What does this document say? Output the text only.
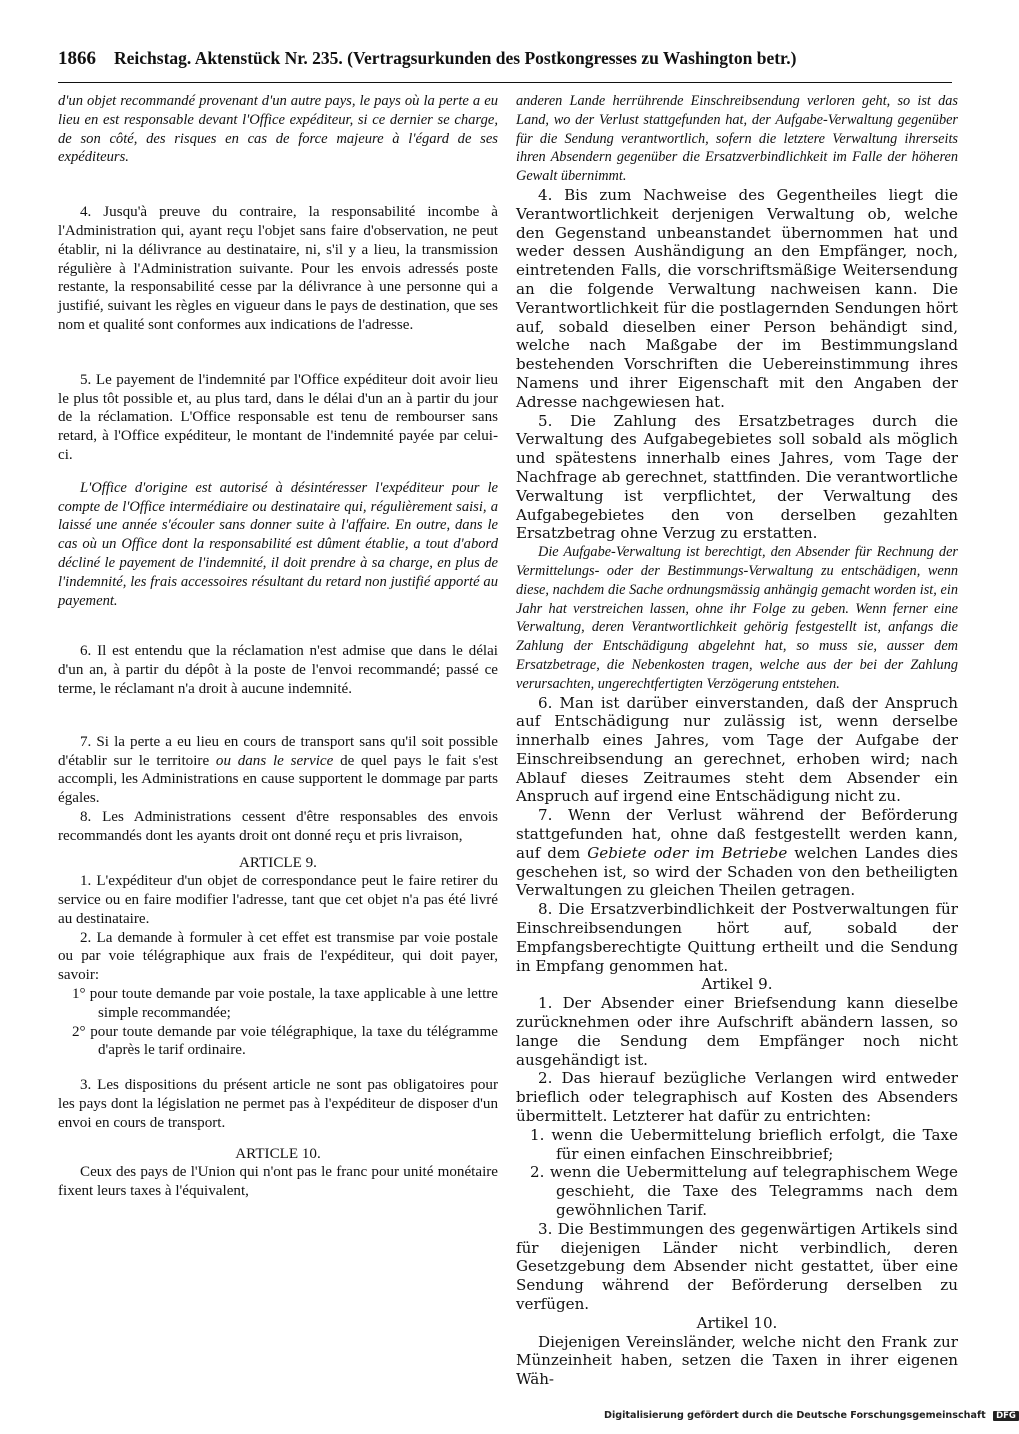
1866 Reichstag. Aktenstück Nr. 235. (Vertragsurkunden des Postkongresses zu Washington betr.)

d'un objet recommandé provenant d'un autre pays, le pays où la perte a eu lieu en est responsable devant l'Office expéditeur, si ce dernier se charge, de son côté, des risques en cas de force majeure à l'égard de ses expéditeurs.

4. Jusqu'à preuve du contraire, la responsabilité incombe à l'Administration qui, ayant reçu l'objet sans faire d'observation, ne peut établir, ni la délivrance au destinataire, ni, s'il y a lieu, la transmission régulière à l'Administration suivante. Pour les envois adressés poste restante, la responsabilité cesse par la délivrance à une personne qui a justifié, suivant les règles en vigueur dans le pays de destination, que ses nom et qualité sont conformes aux indications de l'adresse.

5. Le payement de l'indemnité par l'Office expéditeur doit avoir lieu le plus tôt possible et, au plus tard, dans le délai d'un an à partir du jour de la réclamation. L'Office responsable est tenu de rembourser sans retard, à l'Office expéditeur, le montant de l'indemnité payée par celui-ci.

L'Office d'origine est autorisé à désintéresser l'expéditeur pour le compte de l'Office intermédiaire ou destinataire qui, régulièrement saisi, a laissé une année s'écouler sans donner suite à l'affaire. En outre, dans le cas où un Office dont la responsabilité est dûment établie, a tout d'abord décliné le payement de l'indemnité, il doit prendre à sa charge, en plus de l'indemnité, les frais accessoires résultant du retard non justifié apporté au payement.

6. Il est entendu que la réclamation n'est admise que dans le délai d'un an, à partir du dépôt à la poste de l'envoi recommandé; passé ce terme, le réclamant n'a droit à aucune indemnité.

7. Si la perte a eu lieu en cours de transport sans qu'il soit possible d'établir sur le territoire ou dans le service de quel pays le fait s'est accompli, les Administrations en cause supportent le dommage par parts égales.

8. Les Administrations cessent d'être responsables des envois recommandés dont les ayants droit ont donné reçu et pris livraison,

ARTICLE 9.

1. L'expéditeur d'un objet de correspondance peut le faire retirer du service ou en faire modifier l'adresse, tant que cet objet n'a pas été livré au destinataire.

2. La demande à formuler à cet effet est transmise par voie postale ou par voie télégraphique aux frais de l'expéditeur, qui doit payer, savoir:

1° pour toute demande par voie postale, la taxe applicable à une lettre simple recommandée;

2° pour toute demande par voie télégraphique, la taxe du télégramme d'après le tarif ordinaire.

3. Les dispositions du présent article ne sont pas obligatoires pour les pays dont la législation ne permet pas à l'expéditeur de disposer d'un envoi en cours de transport.

ARTICLE 10.

Ceux des pays de l'Union qui n'ont pas le franc pour unité monétaire fixent leurs taxes à l'équivalent,

anderen Lande herrührende Einschreibsendung verloren geht, so ist das Land, wo der Verlust stattgefunden hat, der Aufgabe-Verwaltung gegenüber für die Sendung verantwortlich, sofern die letztere Verwaltung ihrerseits ihren Absendern gegenüber die Ersatzverbindlichkeit im Falle der höheren Gewalt übernimmt.

4. Bis zum Nachweise des Gegentheiles liegt die Verantwortlichkeit derjenigen Verwaltung ob, welche den Gegenstand unbeanstandet übernommen hat und weder dessen Aushändigung an den Empfänger, noch, eintretenden Falls, die vorschriftsmäßige Weitersendung an die folgende Verwaltung nachweisen kann. Die Verantwortlichkeit für die postlagernden Sendungen hört auf, sobald dieselben einer Person behändigt sind, welche nach Maßgabe der im Bestimmungsland bestehenden Vorschriften die Uebereinstimmung ihres Namens und ihrer Eigenschaft mit den Angaben der Adresse nachgewiesen hat.

5. Die Zahlung des Ersatzbetrages durch die Verwaltung des Aufgabegebietes soll sobald als möglich und spätestens innerhalb eines Jahres, vom Tage der Nachfrage ab gerechnet, stattfinden. Die verantwortliche Verwaltung ist verpflichtet, der Verwaltung des Aufgabegebietes den von derselben gezahlten Ersatzbetrag ohne Verzug zu erstatten.

Die Aufgabe-Verwaltung ist berechtigt, den Absender für Rechnung der Vermittelungs- oder der Bestimmungs-Verwaltung zu entschädigen, wenn diese, nachdem die Sache ordnungsmässig anhängig gemacht worden ist, ein Jahr hat verstreichen lassen, ohne ihr Folge zu geben. Wenn ferner eine Verwaltung, deren Verantwortlichkeit gehörig festgestellt ist, anfangs die Zahlung der Entschädigung abgelehnt hat, so muss sie, ausser dem Ersatzbetrage, die Nebenkosten tragen, welche aus der bei der Zahlung verursachten, ungerechtfertigten Verzögerung entstehen.

6. Man ist darüber einverstanden, daß der Anspruch auf Entschädigung nur zulässig ist, wenn derselbe innerhalb eines Jahres, vom Tage der Aufgabe der Einschreibsendung an gerechnet, erhoben wird; nach Ablauf dieses Zeitraumes steht dem Absender ein Anspruch auf irgend eine Entschädigung nicht zu.

7. Wenn der Verlust während der Beförderung stattgefunden hat, ohne daß festgestellt werden kann, auf dem Gebiete oder im Betriebe welchen Landes dies geschehen ist, so wird der Schaden von den betheiligten Verwaltungen zu gleichen Theilen getragen.

8. Die Ersatzverbindlichkeit der Postverwaltungen für Einschreibsendungen hört auf, sobald der Empfangsberechtigte Quittung ertheilt und die Sendung in Empfang genommen hat.

Artikel 9.

1. Der Absender einer Briefsendung kann dieselbe zurücknehmen oder ihre Aufschrift abändern lassen, so lange die Sendung dem Empfänger noch nicht ausgehändigt ist.

2. Das hierauf bezügliche Verlangen wird entweder brieflich oder telegraphisch auf Kosten des Absenders übermittelt. Letzterer hat dafür zu entrichten:

1. wenn die Uebermittelung brieflich erfolgt, die Taxe für einen einfachen Einschreibbrief;

2. wenn die Uebermittelung auf telegraphischem Wege geschieht, die Taxe des Telegramms nach dem gewöhnlichen Tarif.

3. Die Bestimmungen des gegenwärtigen Artikels sind für diejenigen Länder nicht verbindlich, deren Gesetzgebung dem Absender nicht gestattet, über eine Sendung während der Beförderung derselben zu verfügen.

Artikel 10.

Diejenigen Vereinsländer, welche nicht den Frank zur Münzeinheit haben, setzen die Taxen in ihrer eigenen Wäh-

Digitalisierung gefördert durch die Deutsche Forschungsgemeinschaft DFG
